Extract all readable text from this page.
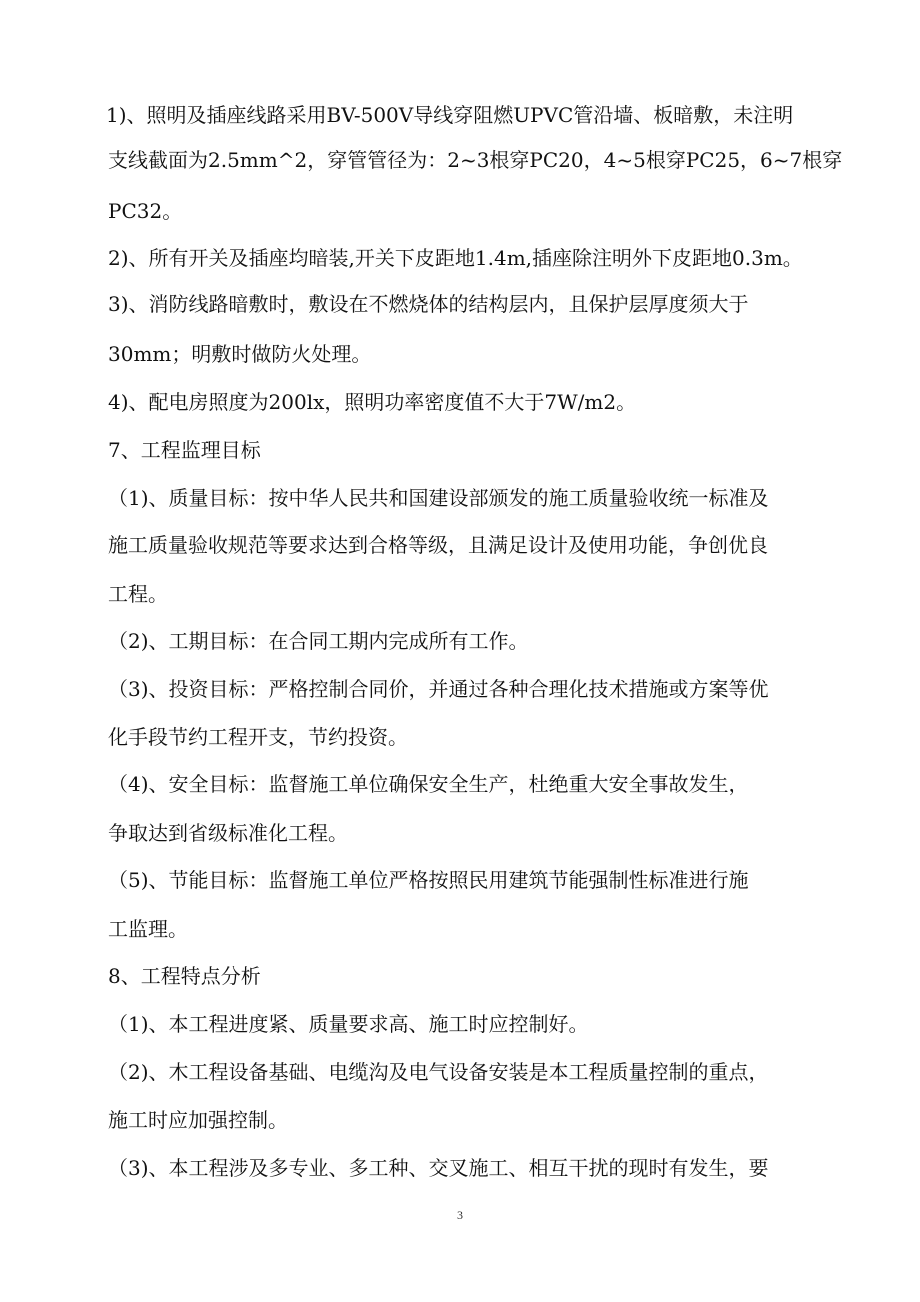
1)、照明及插座线路采用BV-500V导线穿阻燃UPVC管沿墙、板暗敷，未注明
支线截面为2.5mm^2，穿管管径为：2~3根穿PC20，4~5根穿PC25，6~7根穿
PC32。
2)、所有开关及插座均暗装,开关下皮距地1.4m,插座除注明外下皮距地0.3m。
3)、消防线路暗敷时，敷设在不燃烧体的结构层内，且保护层厚度须大于
30mm；明敷时做防火处理。
4)、配电房照度为200lx，照明功率密度值不大于7W/m2。
7、工程监理目标
（1)、质量目标：按中华人民共和国建设部颁发的施工质量验收统一标准及
施工质量验收规范等要求达到合格等级，且满足设计及使用功能，争创优良
工程。
（2)、工期目标：在合同工期内完成所有工作。
（3)、投资目标：严格控制合同价，并通过各种合理化技术措施或方案等优
化手段节约工程开支，节约投资。
（4)、安全目标：监督施工单位确保安全生产，杜绝重大安全事故发生，
争取达到省级标准化工程。
（5)、节能目标：监督施工单位严格按照民用建筑节能强制性标准进行施
工监理。
8、工程特点分析
（1)、本工程进度紧、质量要求高、施工时应控制好。
（2)、木工程设备基础、电缆沟及电气设备安装是本工程质量控制的重点，
施工时应加强控制。
（3)、本工程涉及多专业、多工种、交叉施工、相互干扰的现时有发生，要
3
